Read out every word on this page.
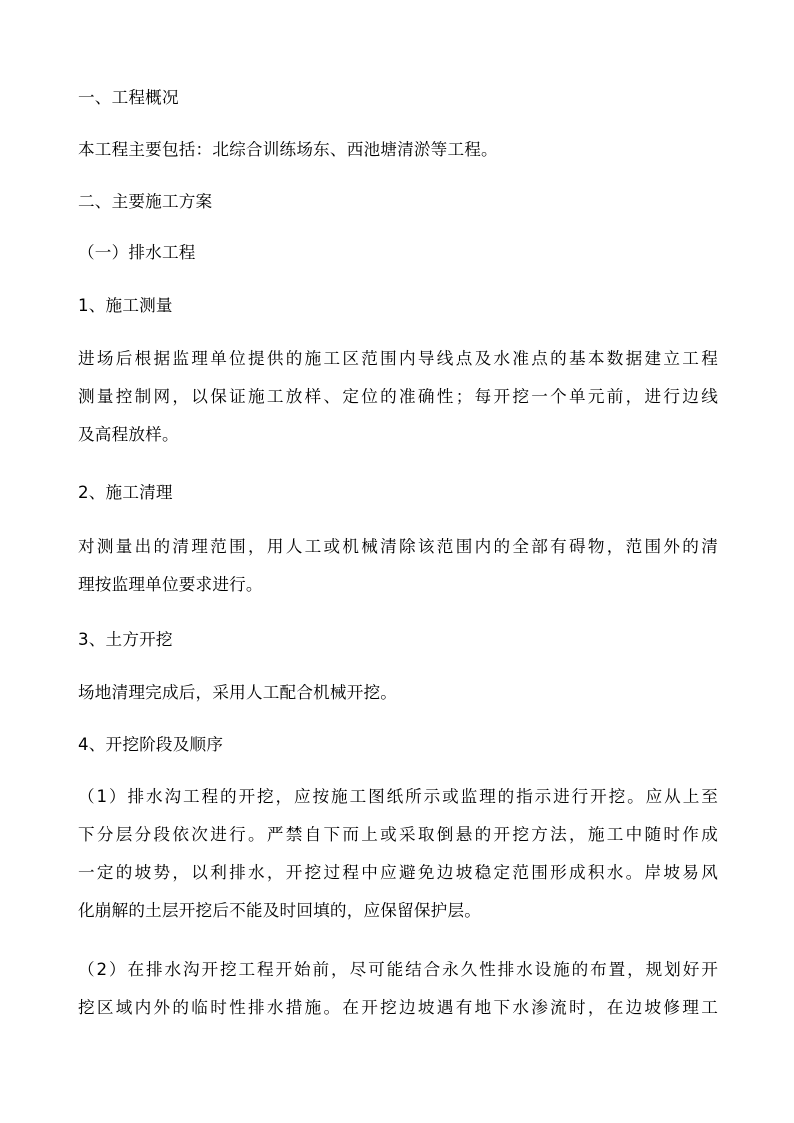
一、工程概况
本工程主要包括：北综合训练场东、西池塘清淤等工程。
二、主要施工方案
（一）排水工程
1、施工测量
进场后根据监理单位提供的施工区范围内导线点及水准点的基本数据建立工程
测量控制网，以保证施工放样、定位的准确性；每开挖一个单元前，进行边线
及高程放样。
2、施工清理
对测量出的清理范围，用人工或机械清除该范围内的全部有碍物，范围外的清
理按监理单位要求进行。
3、土方开挖
场地清理完成后，采用人工配合机械开挖。
4、开挖阶段及顺序
（1）排水沟工程的开挖，应按施工图纸所示或监理的指示进行开挖。应从上至
下分层分段依次进行。严禁自下而上或采取倒悬的开挖方法，施工中随时作成
一定的坡势，以利排水，开挖过程中应避免边坡稳定范围形成积水。岸坡易风
化崩解的土层开挖后不能及时回填的，应保留保护层。
（2）在排水沟开挖工程开始前，尽可能结合永久性排水设施的布置，规划好开
挖区域内外的临时性排水措施。在开挖边坡遇有地下水渗流时，在边坡修理工
